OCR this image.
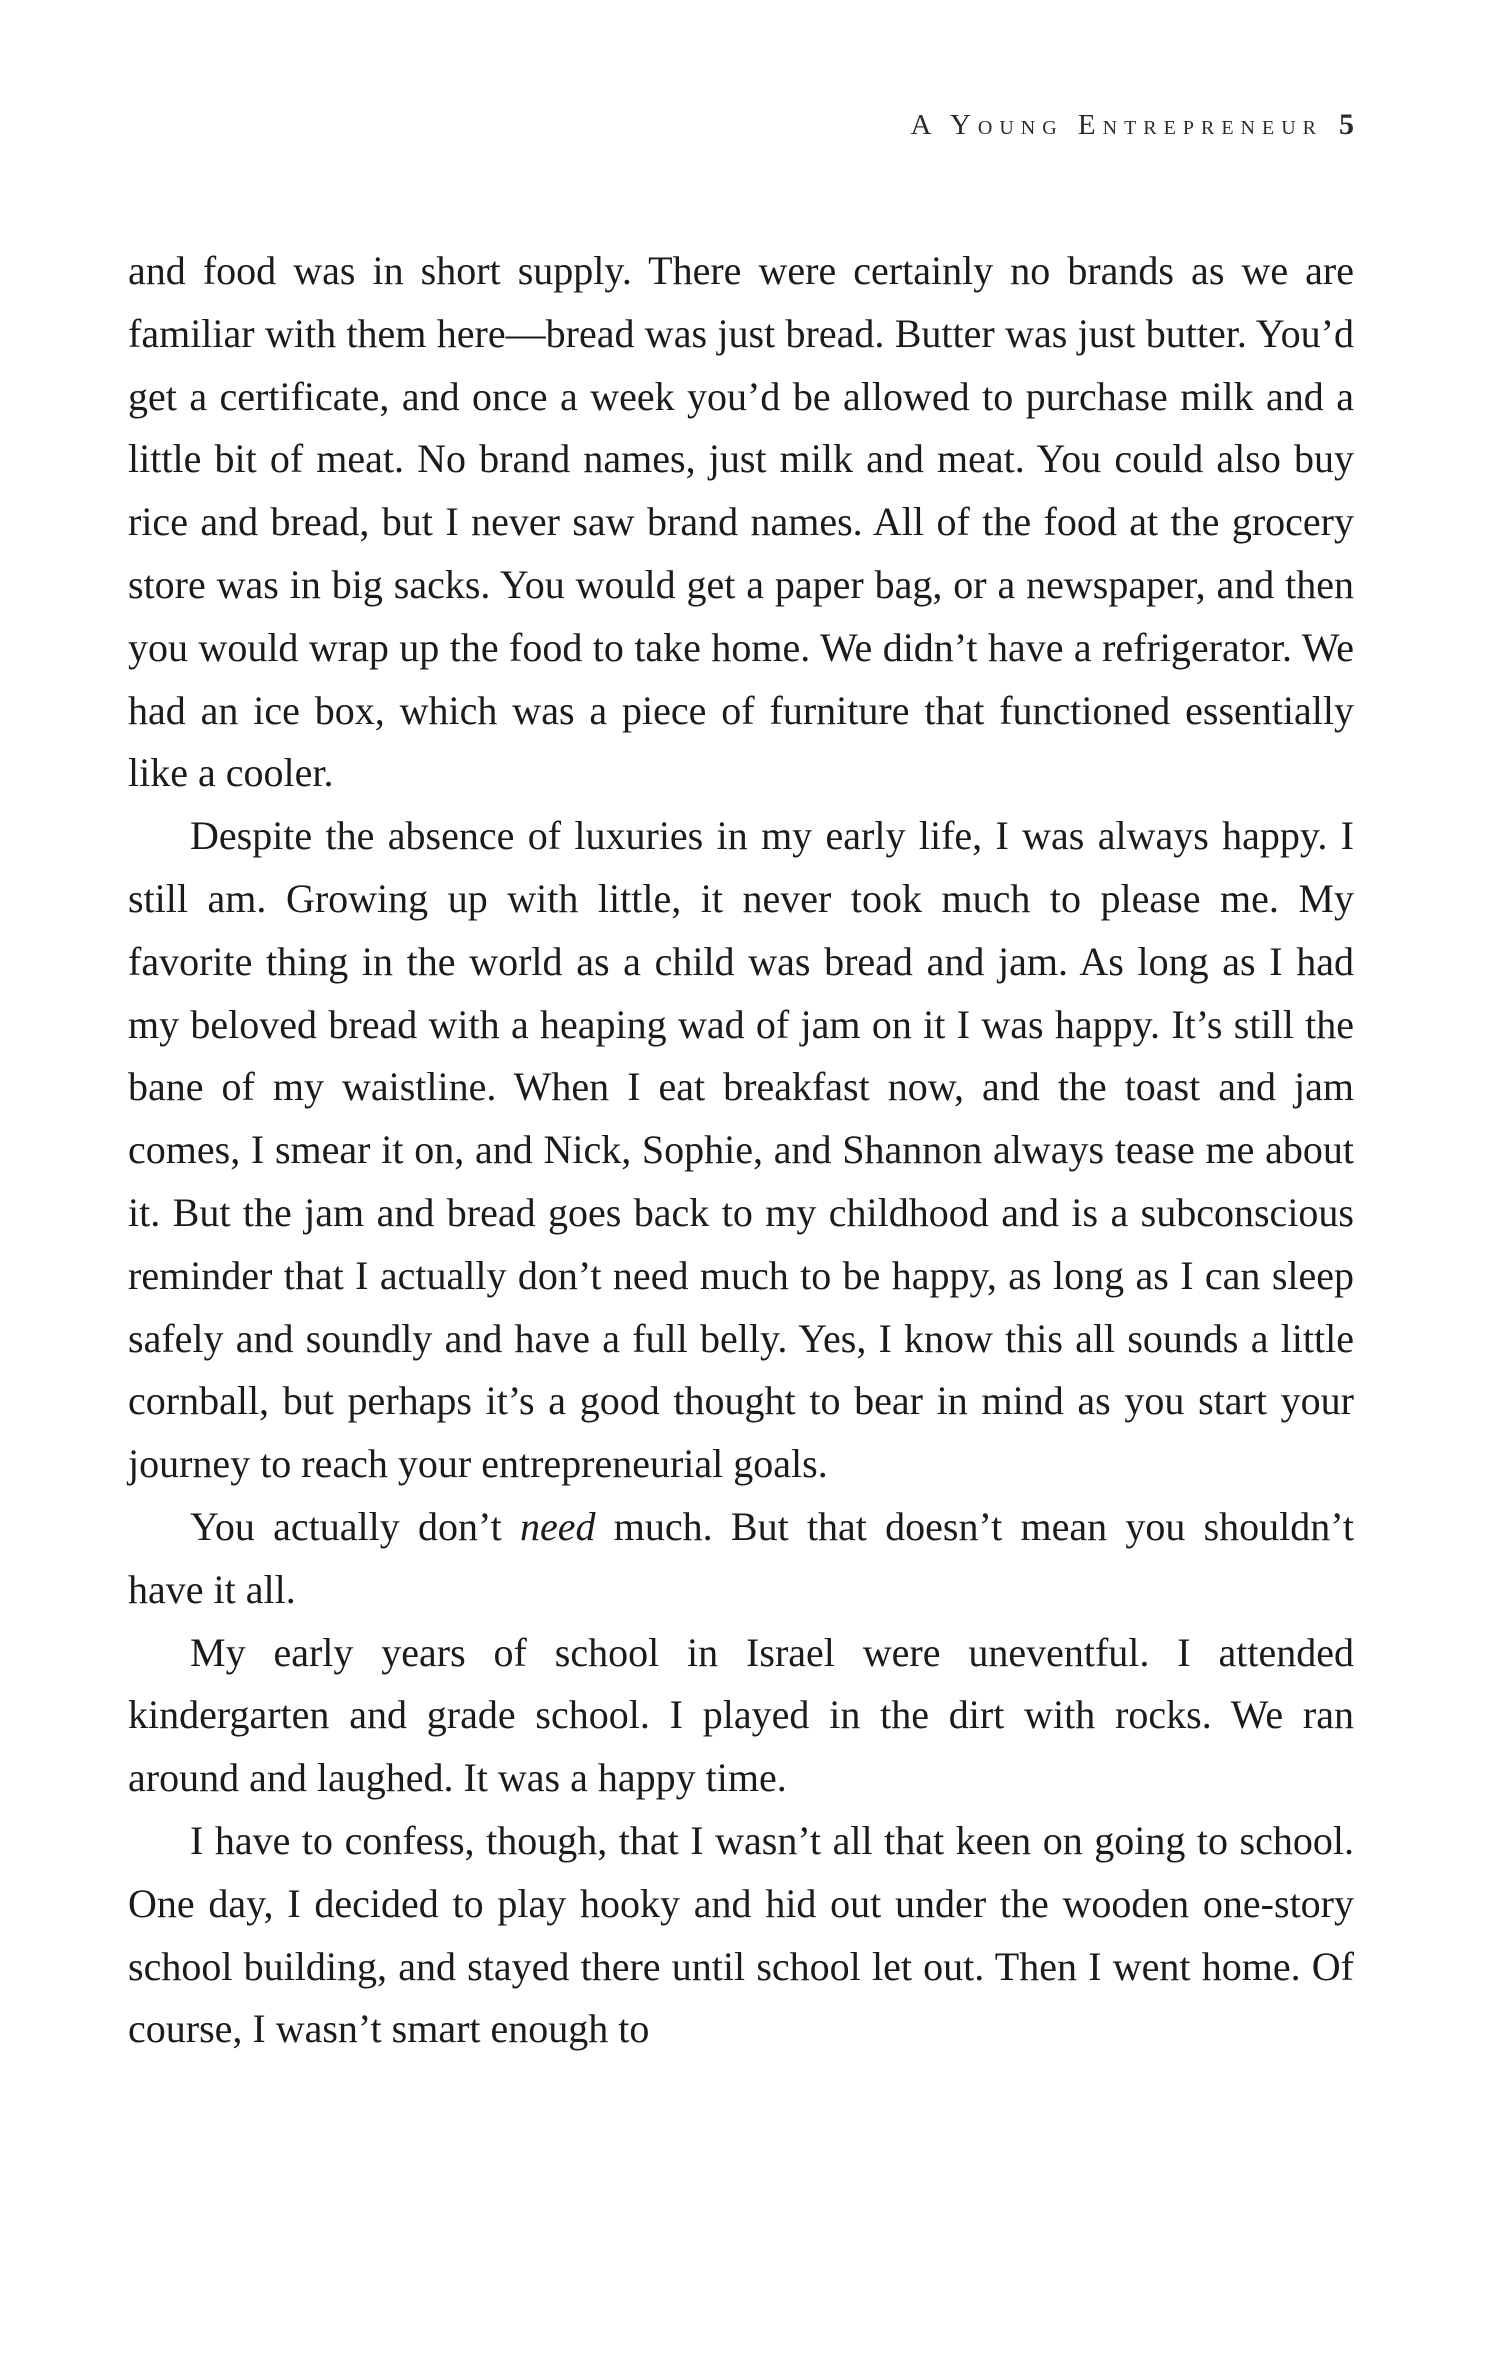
A Young Entrepreneur 5

and food was in short supply. There were certainly no brands as we are familiar with them here—bread was just bread. Butter was just butter. You’d get a certificate, and once a week you’d be allowed to purchase milk and a little bit of meat. No brand names, just milk and meat. You could also buy rice and bread, but I never saw brand names. All of the food at the grocery store was in big sacks. You would get a paper bag, or a newspaper, and then you would wrap up the food to take home. We didn’t have a refrigerator. We had an ice box, which was a piece of furniture that functioned essentially like a cooler.

Despite the absence of luxuries in my early life, I was always happy. I still am. Growing up with little, it never took much to please me. My favorite thing in the world as a child was bread and jam. As long as I had my beloved bread with a heaping wad of jam on it I was happy. It’s still the bane of my waistline. When I eat breakfast now, and the toast and jam comes, I smear it on, and Nick, Sophie, and Shannon always tease me about it. But the jam and bread goes back to my childhood and is a subconscious reminder that I actually don’t need much to be happy, as long as I can sleep safely and soundly and have a full belly. Yes, I know this all sounds a little cornball, but perhaps it’s a good thought to bear in mind as you start your journey to reach your entrepreneurial goals.

You actually don’t need much. But that doesn’t mean you shouldn’t have it all.

My early years of school in Israel were uneventful. I attended kindergarten and grade school. I played in the dirt with rocks. We ran around and laughed. It was a happy time.

I have to confess, though, that I wasn’t all that keen on going to school. One day, I decided to play hooky and hid out under the wooden one-story school building, and stayed there until school let out. Then I went home. Of course, I wasn’t smart enough to
